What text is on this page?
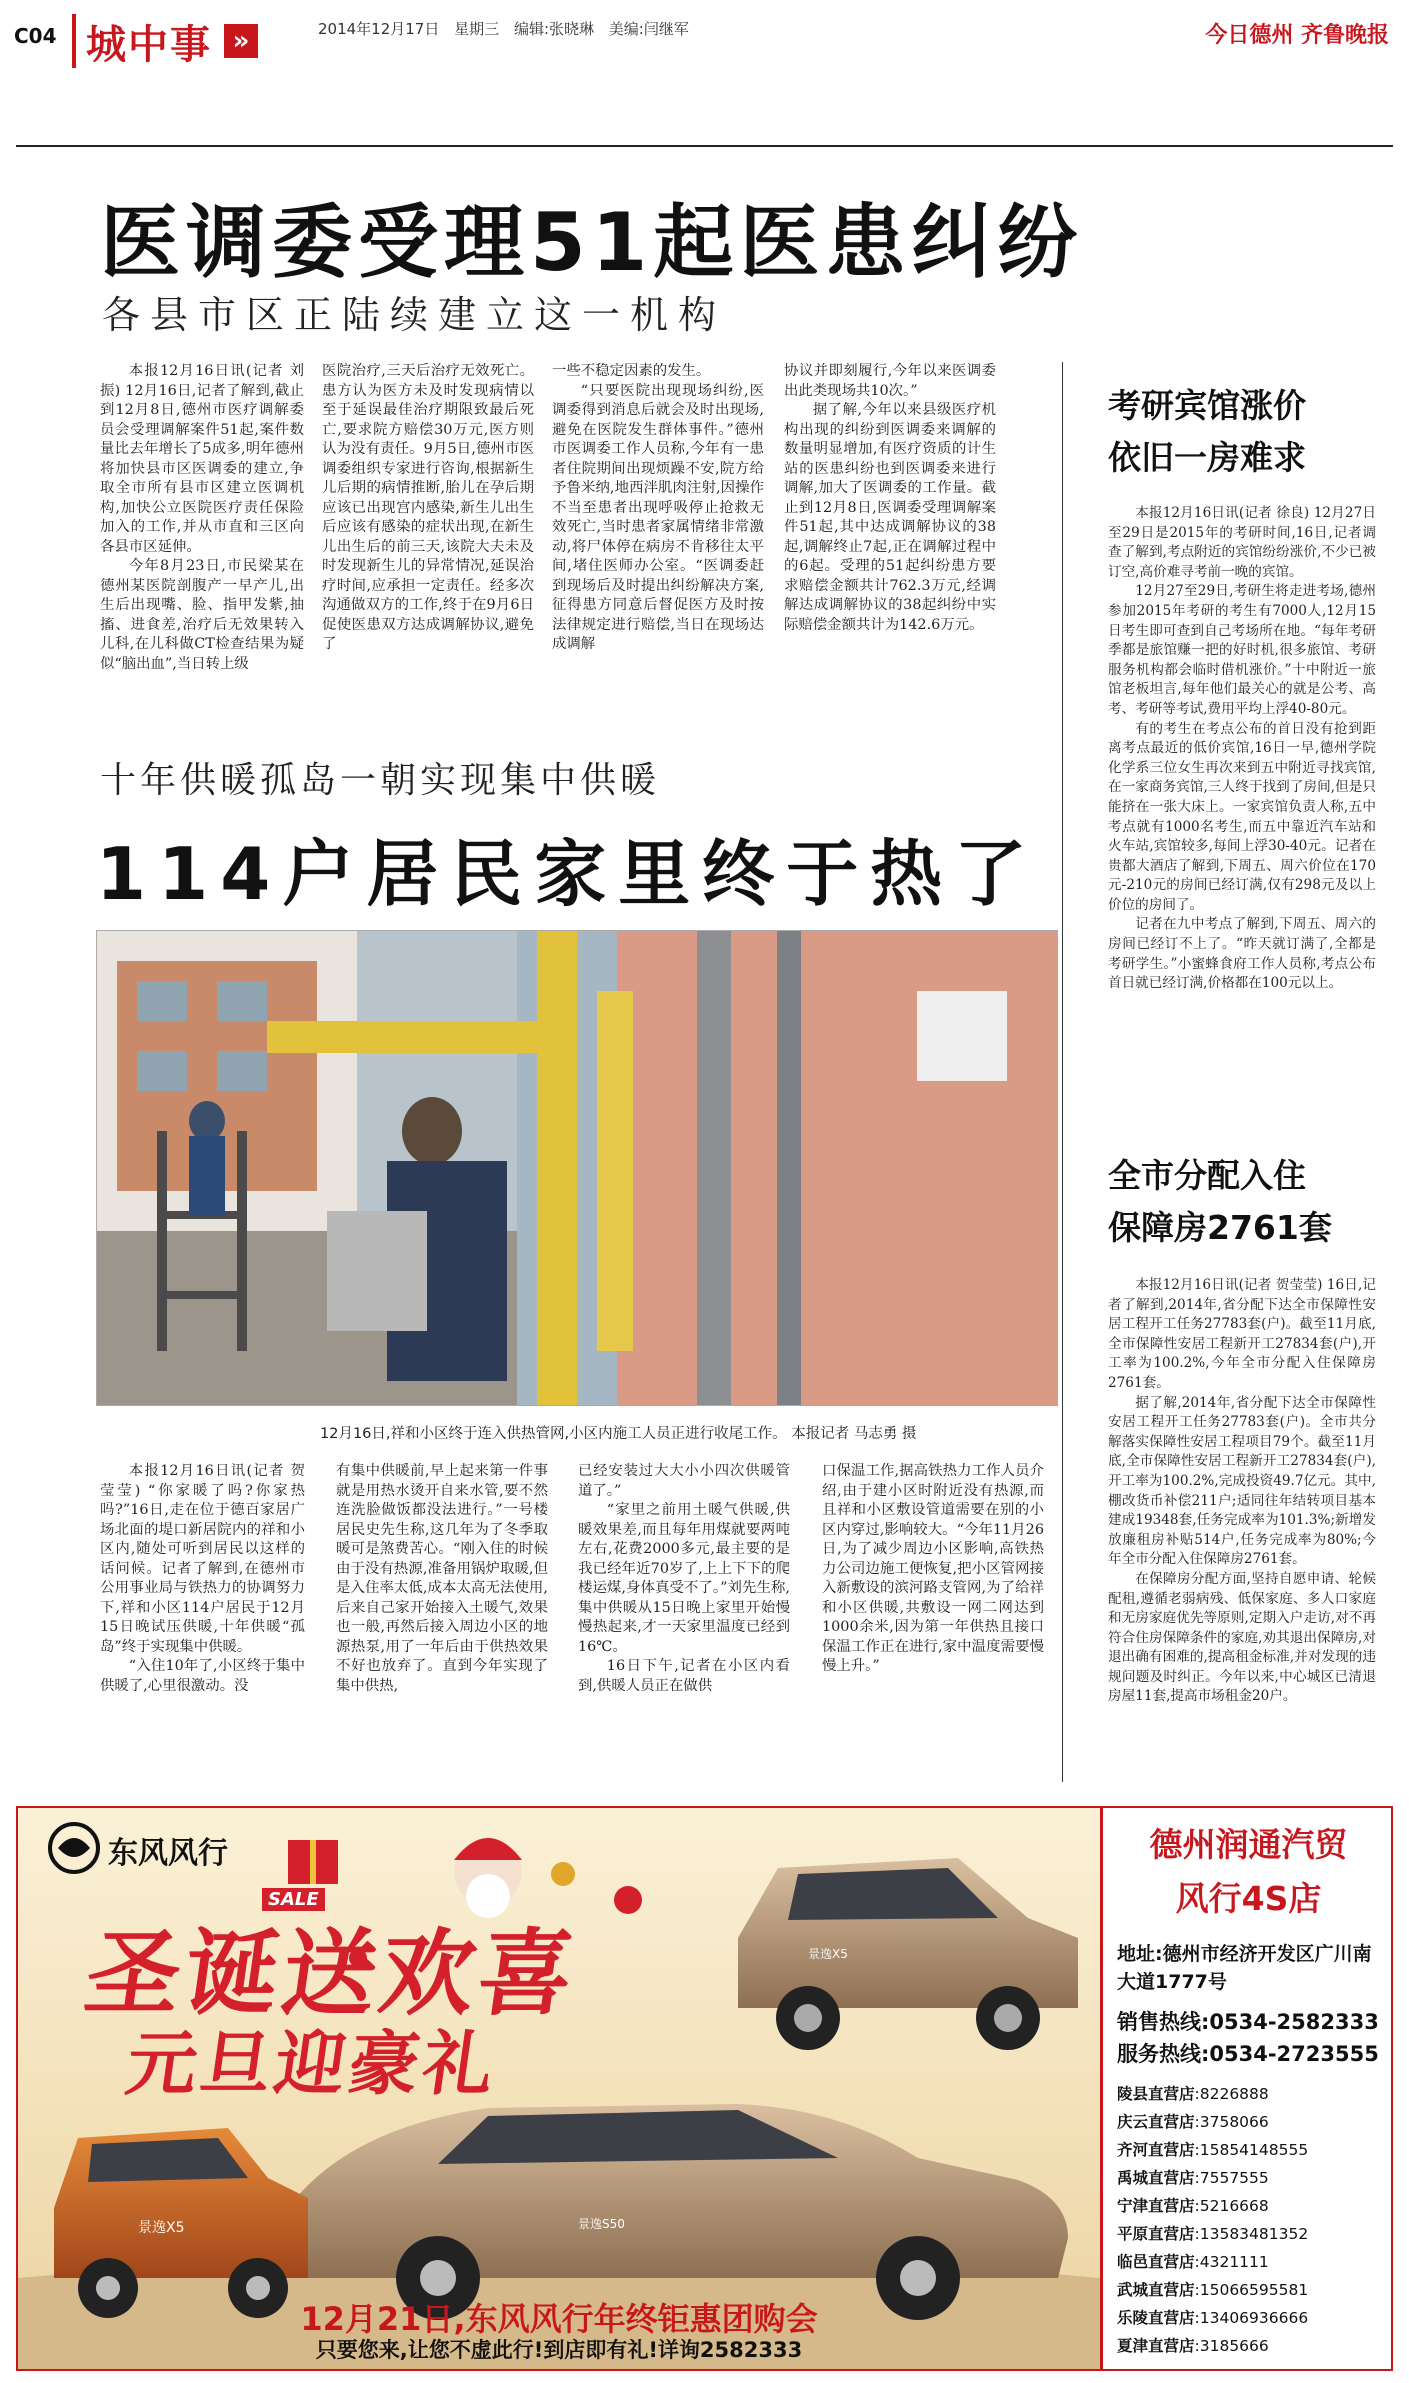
C04 城中事 »	2014年12月17日 星期三 编辑:张晓琳 美编:闫继军	今日德州 齐鲁晚报
医调委受理51起医患纠纷
各县市区正陆续建立这一机构

本报12月16日讯(记者 刘振) 12月16日,记者了解到,截止到12月8日,德州市医疗调解委员会受理调解案件51起,案件数量比去年增长了5成多,明年德州将加快县市区医调委的建立,争取全市所有县市区建立医调机构,加快公立医院医疗责任保险加入的工作,并从市直和三区向各县市区延伸。

今年8月23日,市民梁某在德州某医院剖腹产一早产儿,出生后出现嘴、脸、指甲发紫,抽搐、进食差,治疗后无效果转入儿科,在儿科做CT检查结果为疑似“脑出血”,当日转上级

医院治疗,三天后治疗无效死亡。患方认为医方未及时发现病情以至于延误最佳治疗期限致最后死亡,要求院方赔偿30万元,医方则认为没有责任。9月5日,德州市医调委组织专家进行咨询,根据新生儿后期的病情推断,胎儿在孕后期应该已出现宫内感染,新生儿出生后应该有感染的症状出现,在新生儿出生后的前三天,该院大夫未及时发现新生儿的异常情况,延误治疗时间,应承担一定责任。经多次沟通做双方的工作,终于在9月6日促使医患双方达成调解协议,避免了

一些不稳定因素的发生。

“只要医院出现现场纠纷,医调委得到消息后就会及时出现场,避免在医院发生群体事件。”德州市医调委工作人员称,今年有一患者住院期间出现烦躁不安,院方给予鲁米纳,地西泮肌肉注射,因操作不当至患者出现呼吸停止抢救无效死亡,当时患者家属情绪非常激动,将尸体停在病房不肯移往太平间,堵住医师办公室。“医调委赶到现场后及时提出纠纷解决方案,征得患方同意后督促医方及时按法律规定进行赔偿,当日在现场达成调解

协议并即刻履行,今年以来医调委出此类现场共10次。”

据了解,今年以来县级医疗机构出现的纠纷到医调委来调解的数量明显增加,有医疗资质的计生站的医患纠纷也到医调委来进行调解,加大了医调委的工作量。截止到12月8日,医调委受理调解案件51起,其中达成调解协议的38起,调解终止7起,正在调解过程中的6起。受理的51起纠纷患方要求赔偿金额共计762.3万元,经调解达成调解协议的38起纠纷中实际赔偿金额共计为142.6万元。

十年供暖孤岛一朝实现集中供暖
114户居民家里终于热了
12月16日,祥和小区终于连入供热管网,小区内施工人员正进行收尾工作。 本报记者 马志勇 摄

本报12月16日讯(记者 贺莹莹) “你家暖了吗?你家热吗?”16日,走在位于德百家居广场北面的堤口新居院内的祥和小区内,随处可听到居民以这样的话问候。记者了解到,在德州市公用事业局与铁热力的协调努力下,祥和小区114户居民于12月15日晚试压供暖,十年供暖“孤岛”终于实现集中供暖。

“入住10年了,小区终于集中供暖了,心里很激动。没

有集中供暖前,早上起来第一件事就是用热水烫开自来水管,要不然连洗脸做饭都没法进行。”一号楼居民史先生称,这几年为了冬季取暖可是煞费苦心。“刚入住的时候由于没有热源,准备用锅炉取暖,但是入住率太低,成本太高无法使用,后来自己家开始接入土暖气,效果也一般,再然后接入周边小区的地源热泵,用了一年后由于供热效果不好也放弃了。直到今年实现了集中供热,

已经安装过大大小小四次供暖管道了。”

“家里之前用土暖气供暖,供暖效果差,而且每年用煤就要两吨左右,花费2000多元,最主要的是我已经年近70岁了,上上下下的爬楼运煤,身体真受不了。”刘先生称,集中供暖从15日晚上家里开始慢慢热起来,才一天家里温度已经到16℃。

16日下午,记者在小区内看到,供暖人员正在做供

口保温工作,据高铁热力工作人员介绍,由于建小区时附近没有热源,而且祥和小区敷设管道需要在别的小区内穿过,影响较大。“今年11月26日,为了减少周边小区影响,高铁热力公司边施工便恢复,把小区管网接入新敷设的滨河路支管网,为了给祥和小区供暖,共敷设一网二网达到1000余米,因为第一年供热且接口保温工作正在进行,家中温度需要慢慢上升。”

考研宾馆涨价
依旧一房难求

本报12月16日讯(记者 徐良) 12月27日至29日是2015年的考研时间,16日,记者调查了解到,考点附近的宾馆纷纷涨价,不少已被订空,高价难寻考前一晚的宾馆。

12月27至29日,考研生将走进考场,德州参加2015年考研的考生有7000人,12月15日考生即可查到自己考场所在地。“每年考研季都是旅馆赚一把的好时机,很多旅馆、考研服务机构都会临时借机涨价。”十中附近一旅馆老板坦言,每年他们最关心的就是公考、高考、考研等考试,费用平均上浮40-80元。

有的考生在考点公布的首日没有抢到距离考点最近的低价宾馆,16日一早,德州学院化学系三位女生再次来到五中附近寻找宾馆,在一家商务宾馆,三人终于找到了房间,但是只能挤在一张大床上。一家宾馆负责人称,五中考点就有1000名考生,而五中靠近汽车站和火车站,宾馆较多,每间上浮30-40元。记者在贵都大酒店了解到,下周五、周六价位在170元-210元的房间已经订满,仅有298元及以上价位的房间了。

记者在九中考点了解到,下周五、周六的房间已经订不上了。“昨天就订满了,全都是考研学生。”小蜜蜂食府工作人员称,考点公布首日就已经订满,价格都在100元以上。

全市分配入住
保障房2761套

本报12月16日讯(记者 贺莹莹) 16日,记者了解到,2014年,省分配下达全市保障性安居工程开工任务27783套(户)。截至11月底,全市保障性安居工程新开工27834套(户),开工率为100.2%,今年全市分配入住保障房2761套。

据了解,2014年,省分配下达全市保障性安居工程开工任务27783套(户)。全市共分解落实保障性安居工程项目79个。截至11月底,全市保障性安居工程新开工27834套(户),开工率为100.2%,完成投资49.7亿元。其中,棚改货币补偿211户;适同往年结转项目基本建成19348套,任务完成率为101.3%;新增发放廉租房补贴514户,任务完成率为80%;今年全市分配入住保障房2761套。

在保障房分配方面,坚持自愿申请、轮候配租,遵循老弱病残、低保家庭、多人口家庭和无房家庭优先等原则,定期入户走访,对不再符合住房保障条件的家庭,劝其退出保障房,对退出确有困难的,提高租金标准,并对发现的违规问题及时纠正。今年以来,中心城区已清退房屋11套,提高市场租金20户。

景逸X5
景逸S50
景逸X5
东风风行
SALE
圣诞送欢喜
元旦迎豪礼
12月21日,东风风行年终钜惠团购会
只要您来,让您不虚此行!到店即有礼!详询2582333
德州润通汽贸
风行4S店
地址:德州市经济开发区广川南大道1777号
销售热线:0534-2582333
服务热线:0534-2723555
陵县直营店:8226888
庆云直营店:3758066
齐河直营店:15854148555
禹城直营店:7557555
宁津直营店:5216668
平原直营店:13583481352
临邑直营店:4321111
武城直营店:15066595581
乐陵直营店:13406936666
夏津直营店:3185666
